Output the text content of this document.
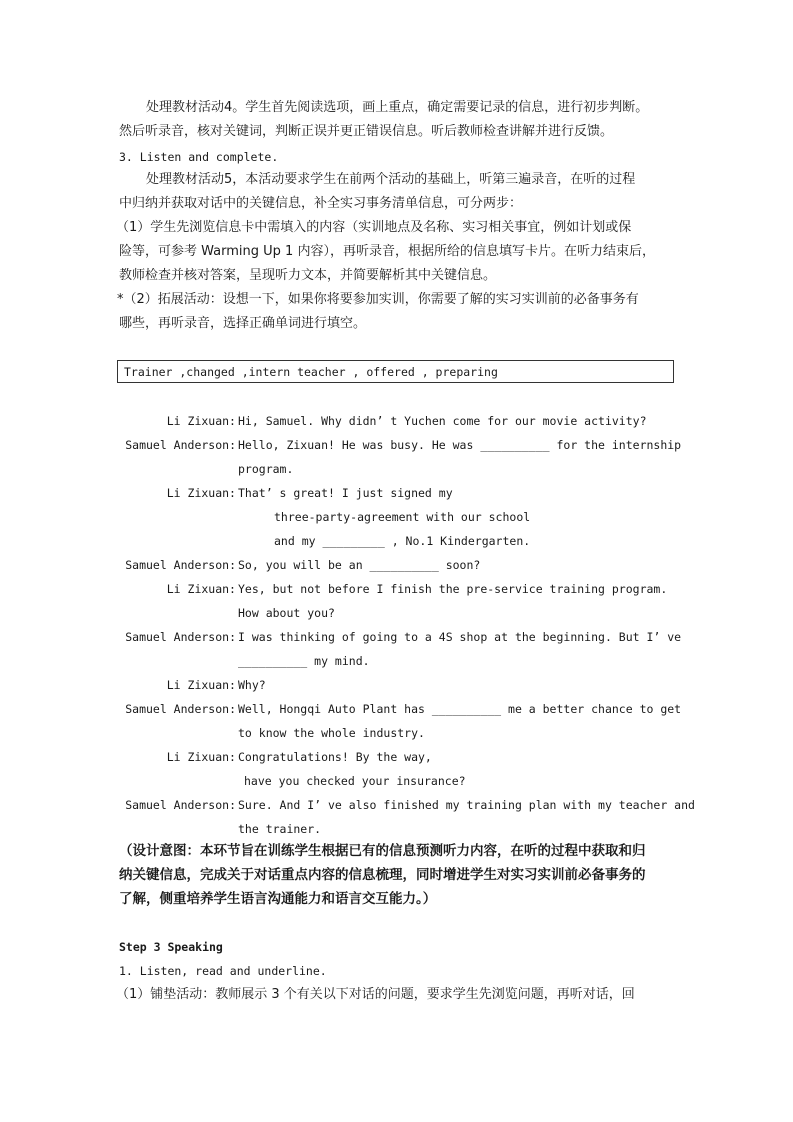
处理教材活动4。学生首先阅读选项，画上重点，确定需要记录的信息，进行初步判断。
然后听录音，核对关键词，判断正误并更正错误信息。听后教师检查讲解并进行反馈。
3. Listen and complete.
处理教材活动5，本活动要求学生在前两个活动的基础上，听第三遍录音，在听的过程
中归纳并获取对话中的关键信息，补全实习事务清单信息，可分两步：
（1）学生先浏览信息卡中需填入的内容（实训地点及名称、实习相关事宜，例如计划或保
险等，可参考 Warming Up 1 内容），再听录音，根据所给的信息填写卡片。在听力结束后，
教师检查并核对答案，呈现听力文本，并简要解析其中关键信息。
*（2）拓展活动：设想一下，如果你将要参加实训，你需要了解的实习实训前的必备事务有
哪些，再听录音，选择正确单词进行填空。
Trainer ,changed ,intern teacher , offered , preparing
Li Zixuan: Hi, Samuel. Why didn’ t Yuchen come for our movie activity?
Samuel Anderson: Hello, Zixuan! He was busy. He was __________ for the internship
program.
Li Zixuan: That’ s great! I just signed my
three-party-agreement with our school
and my _________ , No.1 Kindergarten.
Samuel Anderson: So, you will be an __________ soon?
Li Zixuan: Yes, but not before I finish the pre-service training program.
How about you?
Samuel Anderson: I was thinking of going to a 4S shop at the beginning. But I’ ve
__________ my mind.
Li Zixuan: Why?
Samuel Anderson: Well, Hongqi Auto Plant has __________ me a better chance to get
to know the whole industry.
Li Zixuan: Congratulations! By the way,
have you checked your insurance?
Samuel Anderson: Sure. And I’ ve also finished my training plan with my teacher and
the trainer.
（设计意图：本环节旨在训练学生根据已有的信息预测听力内容，在听的过程中获取和归
纳关键信息，完成关于对话重点内容的信息梳理，同时增进学生对实习实训前必备事务的
了解，侧重培养学生语言沟通能力和语言交互能力。）
Step 3 Speaking
1. Listen, read and underline.
（1）铺垫活动：教师展示 3 个有关以下对话的问题，要求学生先浏览问题，再听对话，回
